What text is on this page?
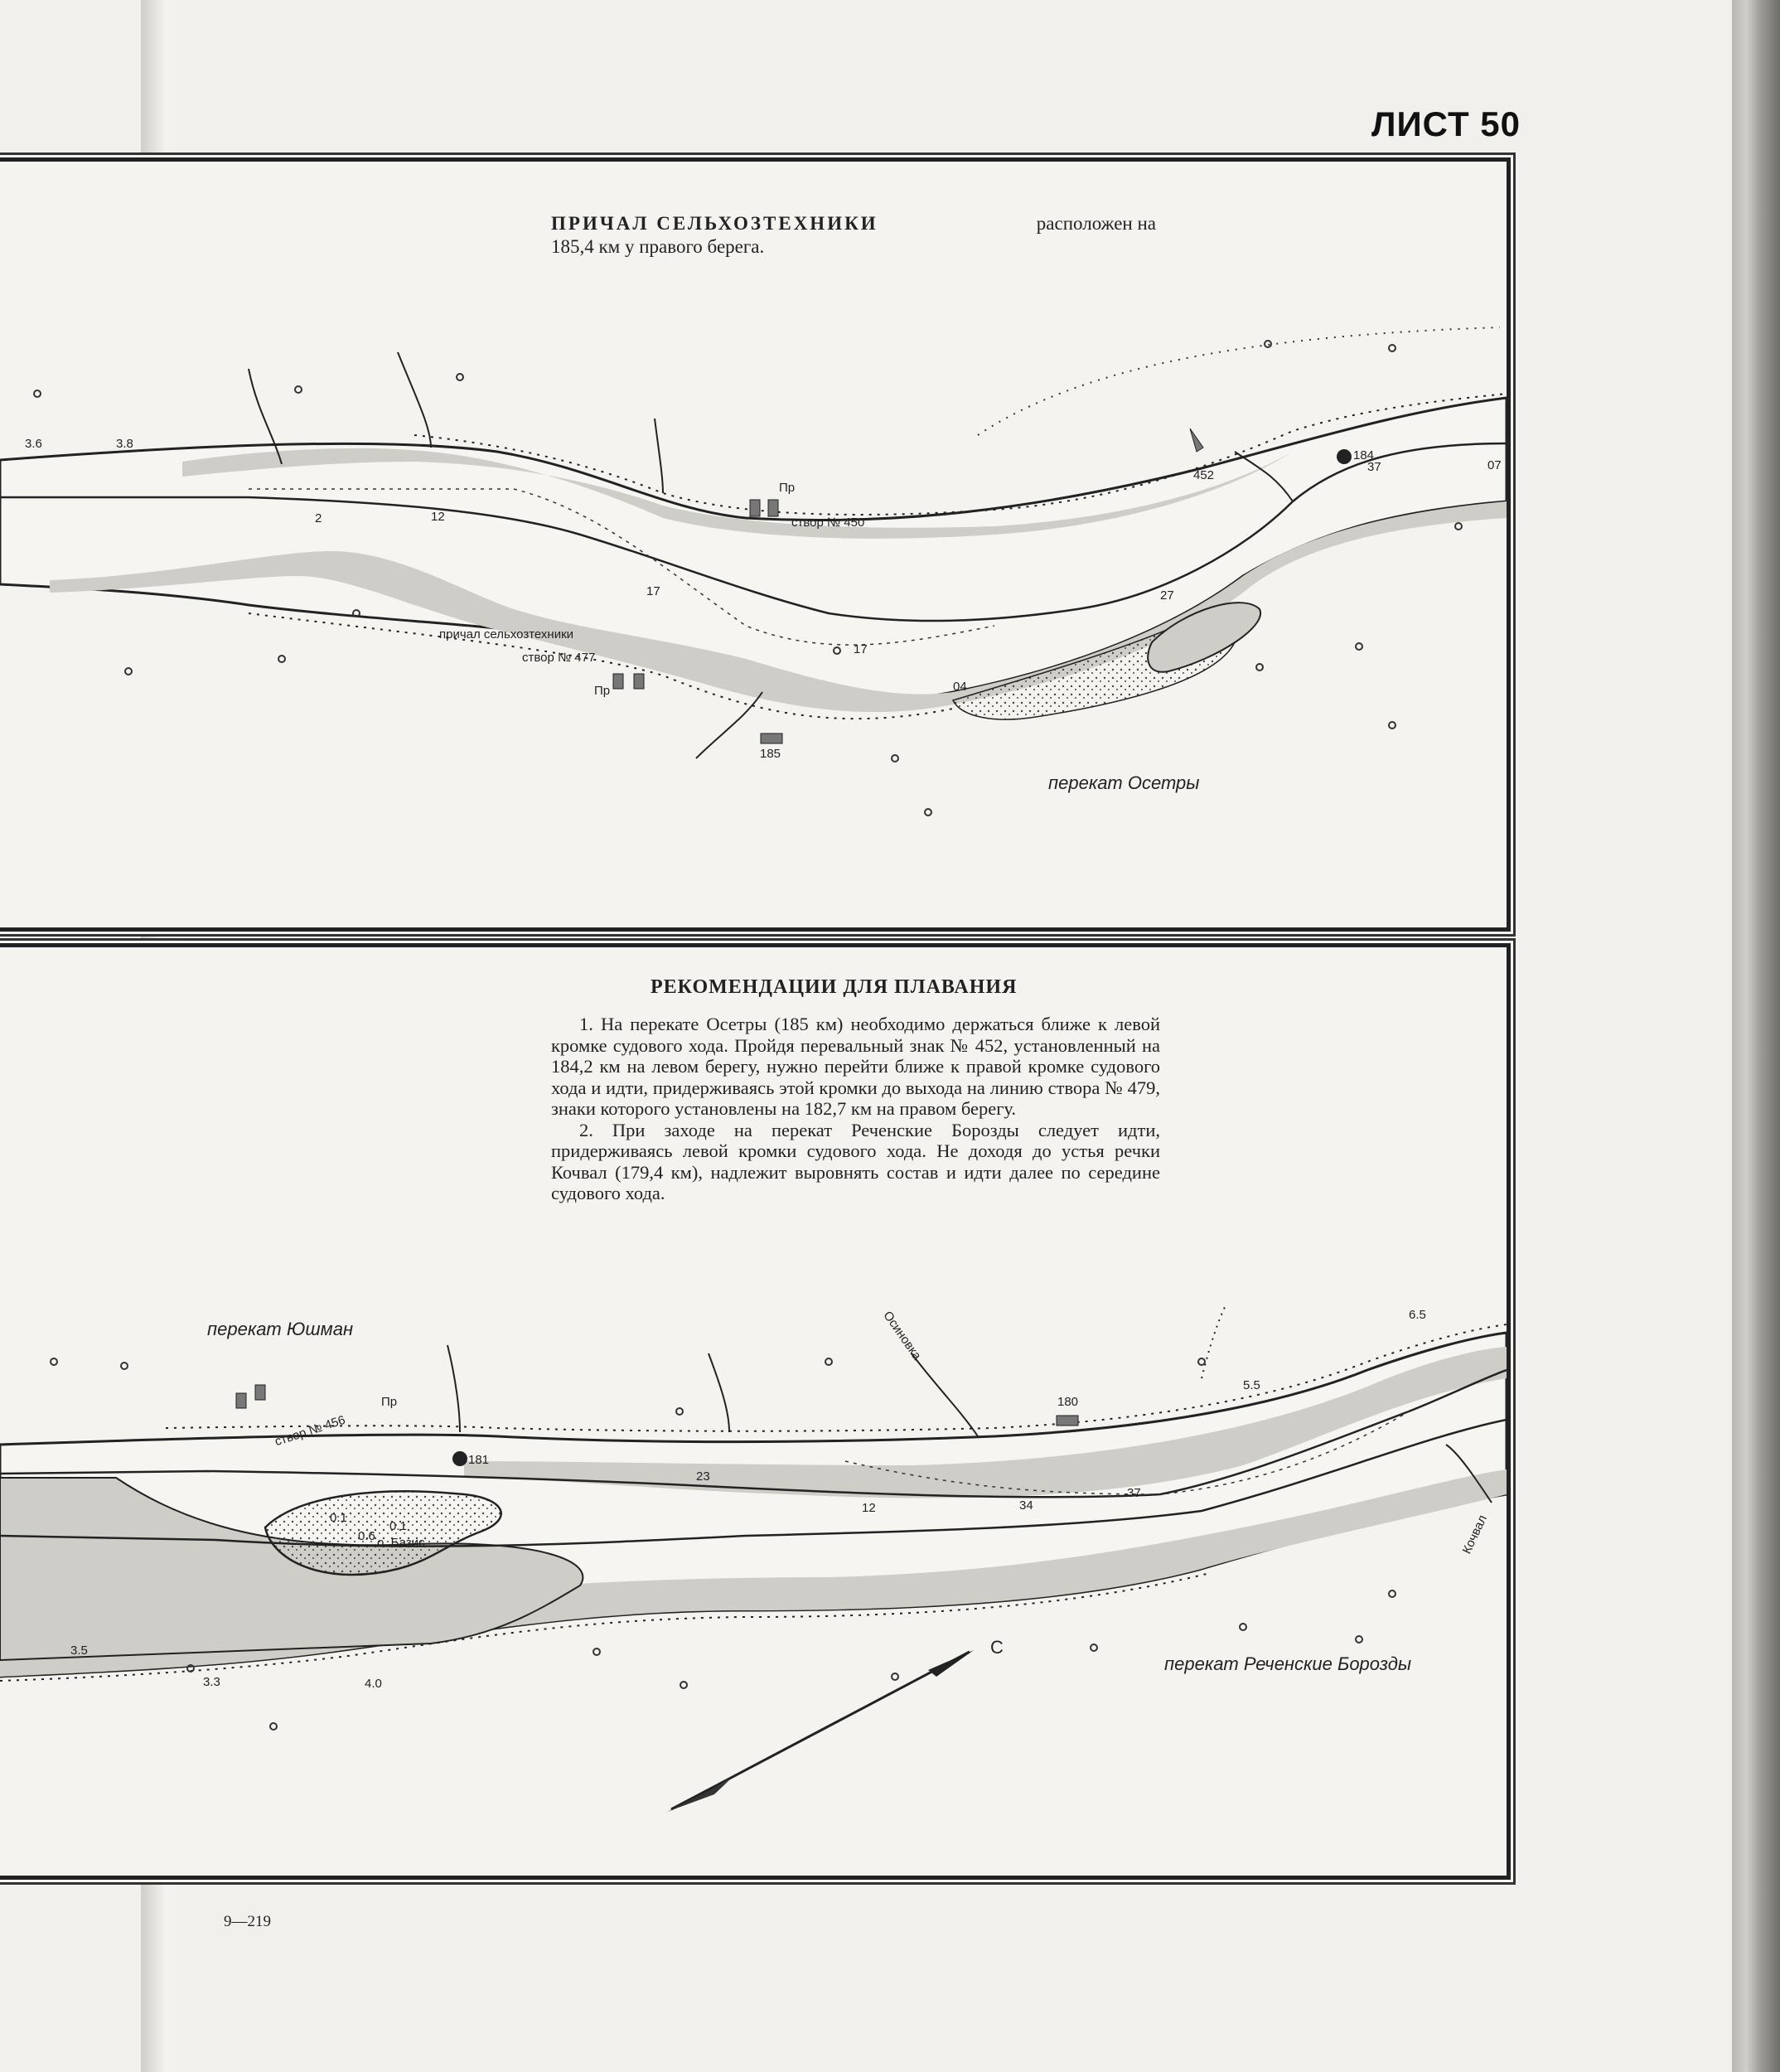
ЛИСТ 50
3.6	3.8
2	12
17
17
04
27
37	07
причал сельхозтехники
створ № 477
створ № 450
Пр
Пр
185
452
184
перекат Осетры
ПРИЧАЛ СЕЛЬХОЗТЕХНИКИ	расположен на

185,4 км у правого берега.
3.5
3.3	4.0
5.5
6.5
0.1
0.1
0.6
23
12	34
37
Пр
створ № 456
о. Базис
Осиновка
Кочвал
180
181
С
перекат Юшман
перекат Реченские Борозды
РЕКОМЕНДАЦИИ ДЛЯ ПЛАВАНИЯ

1. На перекате Осетры (185 км) необходимо держаться ближе к левой кромке судового хода. Пройдя перевальный знак № 452, установленный на 184,2 км на левом берегу, нужно перейти ближе к правой кромке судового хода и идти, придерживаясь этой кромки до выхода на линию створа № 479, знаки которого установлены на 182,7 км на правом берегу.

2. При заходе на перекат Реченские Борозды следует идти, придерживаясь левой кромки судового хода. Не доходя до устья речки Кочвал (179,4 км), надлежит выровнять состав и идти далее по середине судового хода.

9—219
